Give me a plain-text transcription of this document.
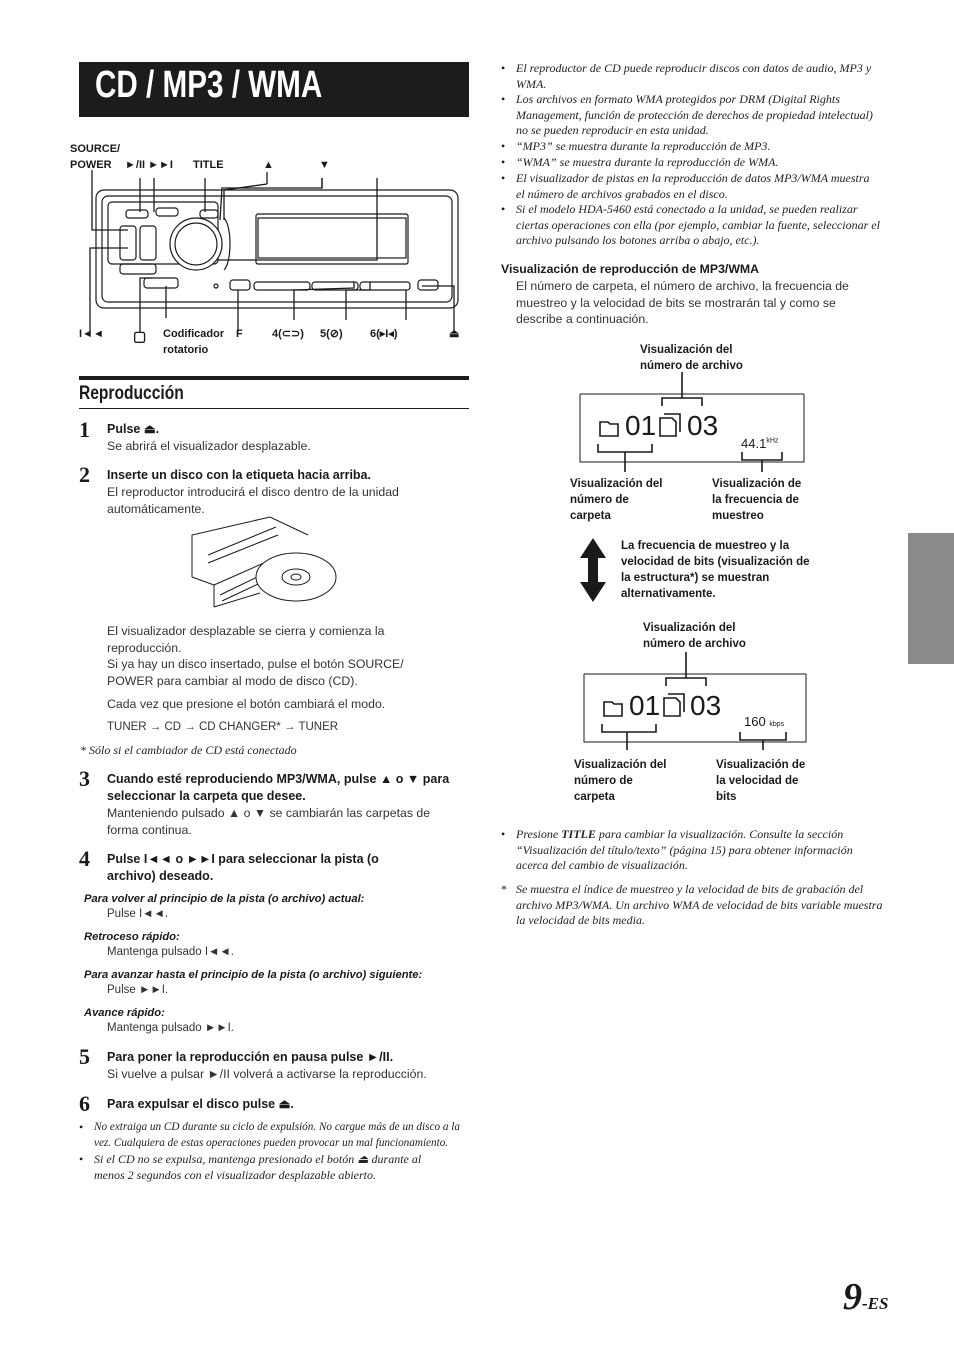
CD / MP3 / WMA
SOURCE/
POWER	►/II ►►I TITLE	▲	▼
I◄◄ ▢ Codificador
rotatorio
F	4(⊂⊃) 5(⊘) 6(▸I◂)	⏏
Reproducción
1 Pulse ⏏.
Se abrirá el visualizador desplazable.
2 Inserte un disco con la etiqueta hacia arriba.
El reproductor introducirá el disco dentro de la unidad automáticamente.
El visualizador desplazable se cierra y comienza la reproducción.
Si ya hay un disco insertado, pulse el botón SOURCE/ POWER para cambiar al modo de disco (CD).
Cada vez que presione el botón cambiará el modo.
TUNER → CD → CD CHANGER* → TUNER
* Sólo si el cambiador de CD está conectado
3 Cuando esté reproduciendo MP3/WMA, pulse ▲ o ▼ para seleccionar la carpeta que desee.
Manteniendo pulsado ▲ o ▼ se cambiarán las carpetas de forma continua.
4 Pulse I◄◄ o ►►I para seleccionar la pista (o archivo) deseado.
Para volver al principio de la pista (o archivo) actual:
Pulse I◄◄.
Retroceso rápido:
Mantenga pulsado I◄◄.
Para avanzar hasta el principio de la pista (o archivo) siguiente:
Pulse ►►I.
Avance rápido:
Mantenga pulsado ►►I.
5 Para poner la reproducción en pausa pulse ►/II.
Si vuelve a pulsar ►/II volverá a activarse la reproducción.
6 Para expulsar el disco pulse ⏏.
• No extraiga un CD durante su ciclo de expulsión. No cargue más de un disco a la vez. Cualquiera de estas operaciones pueden provocar un mal funcionamiento.
• Si el CD no se expulsa, mantenga presionado el botón ⏏ durante al menos 2 segundos con el visualizador desplazable abierto.
• El reproductor de CD puede reproducir discos con datos de audio, MP3 y WMA.
• Los archivos en formato WMA protegidos por DRM (Digital Rights Management, función de protección de derechos de propiedad intelectual) no se pueden reproducir en esta unidad.
• “MP3” se muestra durante la reproducción de MP3.
• “WMA” se muestra durante la reproducción de WMA.
• El visualizador de pistas en la reproducción de datos MP3/WMA muestra el número de archivos grabados en el disco.
• Si el modelo HDA-5460 está conectado a la unidad, se pueden realizar ciertas operaciones con ella (por ejemplo, cambiar la fuente, seleccionar el archivo pulsando los botones arriba o abajo, etc.).
Visualización de reproducción de MP3/WMA
El número de carpeta, el número de archivo, la frecuencia de muestreo y la velocidad de bits se mostrarán tal y como se describe a continuación.
Visualización del
número de archivo
01 03
$44.1^{kHz}$
Visualización del
número de
carpeta
Visualización de
la frecuencia de
muestreo
La frecuencia de muestreo y la velocidad de bits (visualización de la estructura*) se muestran alternativamente.
Visualización del
número de archivo
01 03
160 kbps
Visualización del
número de
carpeta
Visualización de
la velocidad de
bits
• Presione TITLE para cambiar la visualización. Consulte la sección “Visualización del título/texto” (página 15) para obtener información acerca del cambio de visualización.
* Se muestra el índice de muestreo y la velocidad de bits de grabación del archivo MP3/WMA. Un archivo WMA de velocidad de bits variable muestra la velocidad de bits media.
9-ES
